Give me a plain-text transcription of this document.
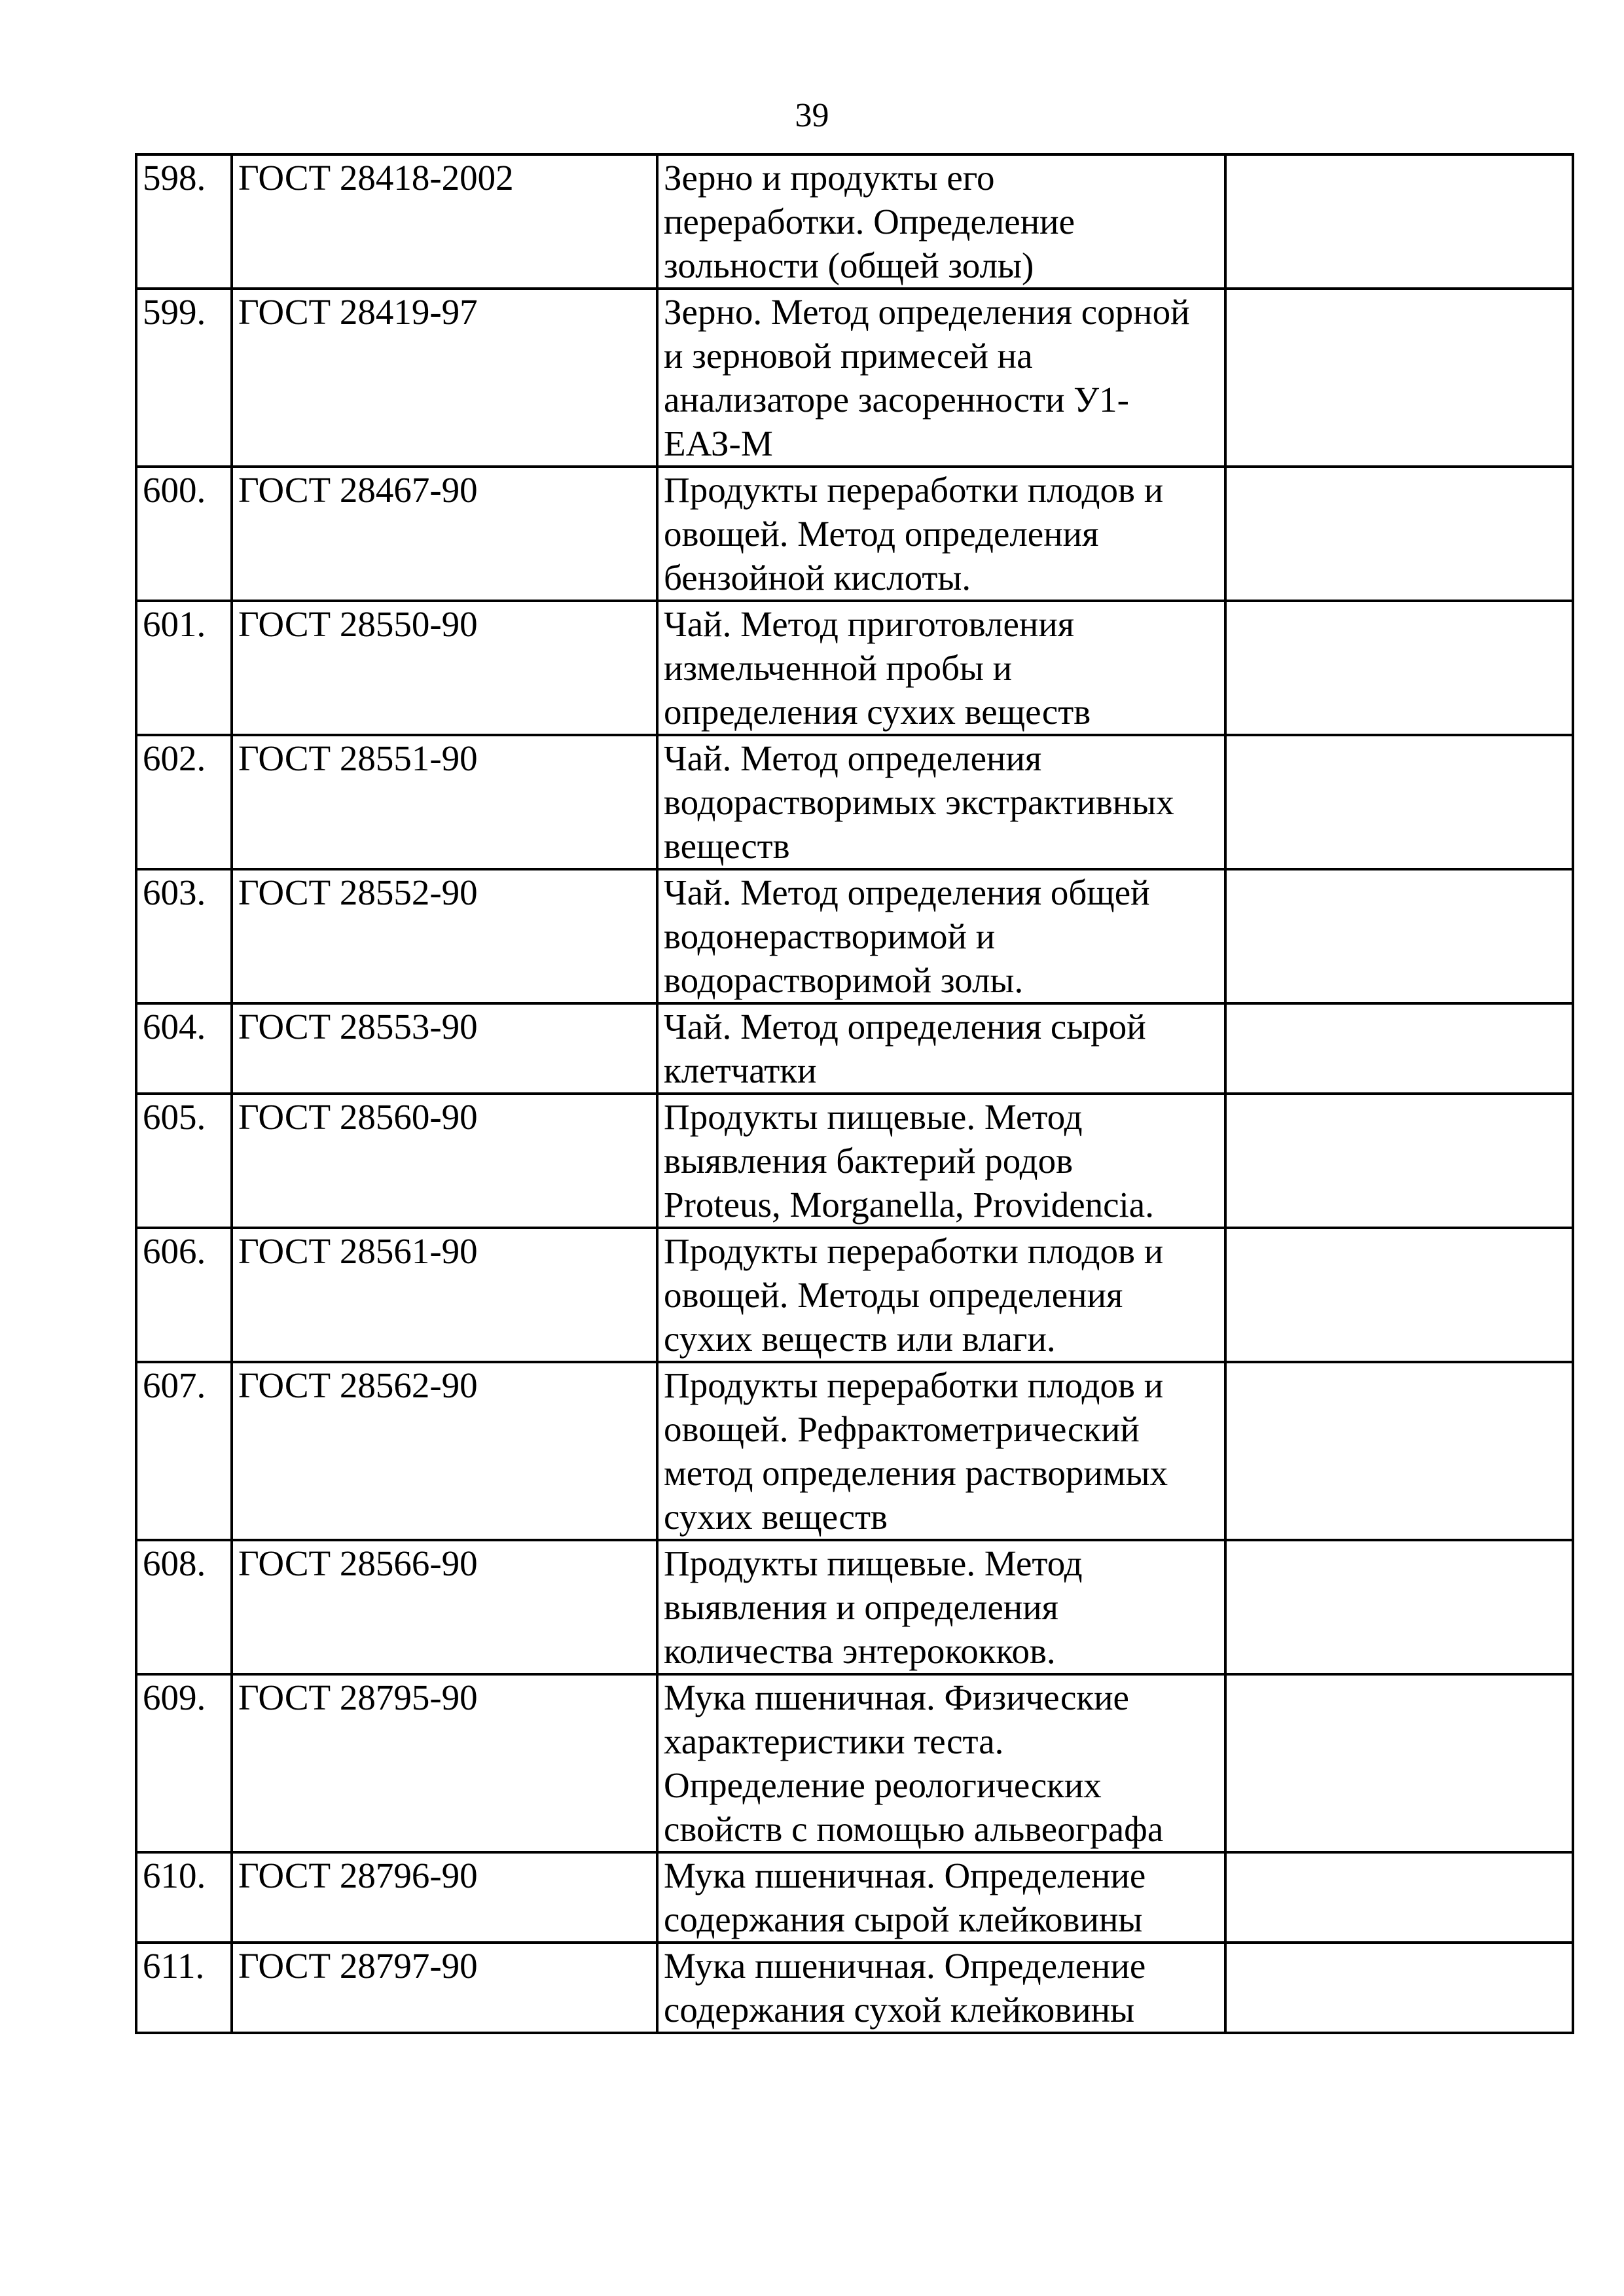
39
598.	ГОСТ 28418-2002	Зерно и продукты его
переработки. Определение
зольности (общей золы)	

599.	ГОСТ 28419-97	Зерно. Метод определения сорной
и зерновой примесей на
анализаторе засоренности У1-
ЕАЗ-М	

600.	ГОСТ 28467-90	Продукты переработки плодов и
овощей. Метод определения
бензойной кислоты.	

601.	ГОСТ 28550-90	Чай. Метод приготовления
измельченной пробы и
определения сухих веществ	

602.	ГОСТ 28551-90	Чай. Метод определения
водорастворимых экстрактивных
веществ	

603.	ГОСТ 28552-90	Чай. Метод определения общей
водонерастворимой и
водорастворимой золы.	

604.	ГОСТ 28553-90	Чай. Метод определения сырой
клетчатки	

605.	ГОСТ 28560-90	Продукты пищевые. Метод
выявления бактерий родов
Proteus, Morganella, Providencia.	

606.	ГОСТ 28561-90	Продукты переработки плодов и
овощей. Методы определения
сухих веществ или влаги.	

607.	ГОСТ 28562-90	Продукты переработки плодов и
овощей. Рефрактометрический
метод определения растворимых
сухих веществ	

608.	ГОСТ 28566-90	Продукты пищевые. Метод
выявления и определения
количества энтерококков.	

609.	ГОСТ 28795-90	Мука пшеничная. Физические
характеристики теста.
Определение реологических
свойств с помощью альвеографа	

610.	ГОСТ 28796-90	Мука пшеничная. Определение
содержания сырой клейковины	

611.	ГОСТ 28797-90	Мука пшеничная. Определение
содержания сухой клейковины	
